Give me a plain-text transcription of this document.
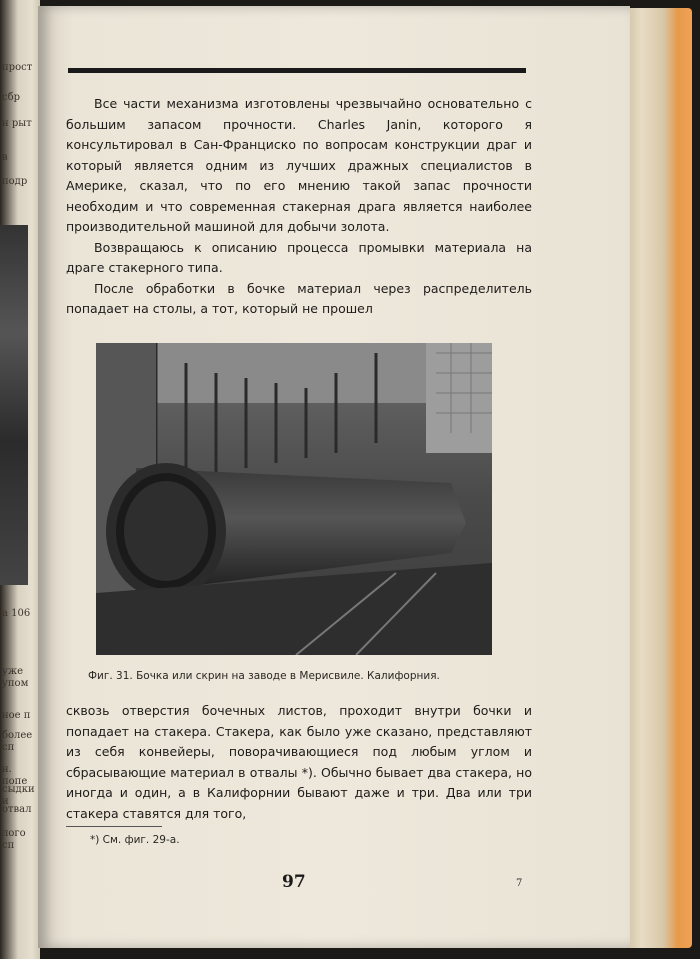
прост
сбр
н рыт
в
подр
а 106
уже упом
ное п
более сп
н. попе
сыдки и
отвал
лого сп

Все части механизма изготовлены чрезвычайно основательно с большим запасом прочности. Charles Janin, которого я консультировал в Сан-Франциско по вопросам конструкции драг и который является одним из лучших дражных специалистов в Америке, сказал, что по его мнению такой запас прочности необходим и что современная стакерная драга является наиболее производительной машиной для добычи золота.

Возвращаюсь к описанию процесса промывки материала на драге стакерного типа.

После обработки в бочке материал через распределитель попадает на столы, а тот, который не прошел

Фиг. 31. Бочка или скрин на заводе в Мерисвиле. Калифорния.

сквозь отверстия бочечных листов, проходит внутри бочки и попадает на стакера. Стакера, как было уже сказано, представляют из себя конвейеры, поворачивающиеся под любым углом и сбрасывающие материал в отвалы *). Обычно бывает два стакера, но иногда и один, а в Калифорнии бывают даже и три. Два или три стакера ставятся для того,

*) См. фиг. 29-а.
97	7
